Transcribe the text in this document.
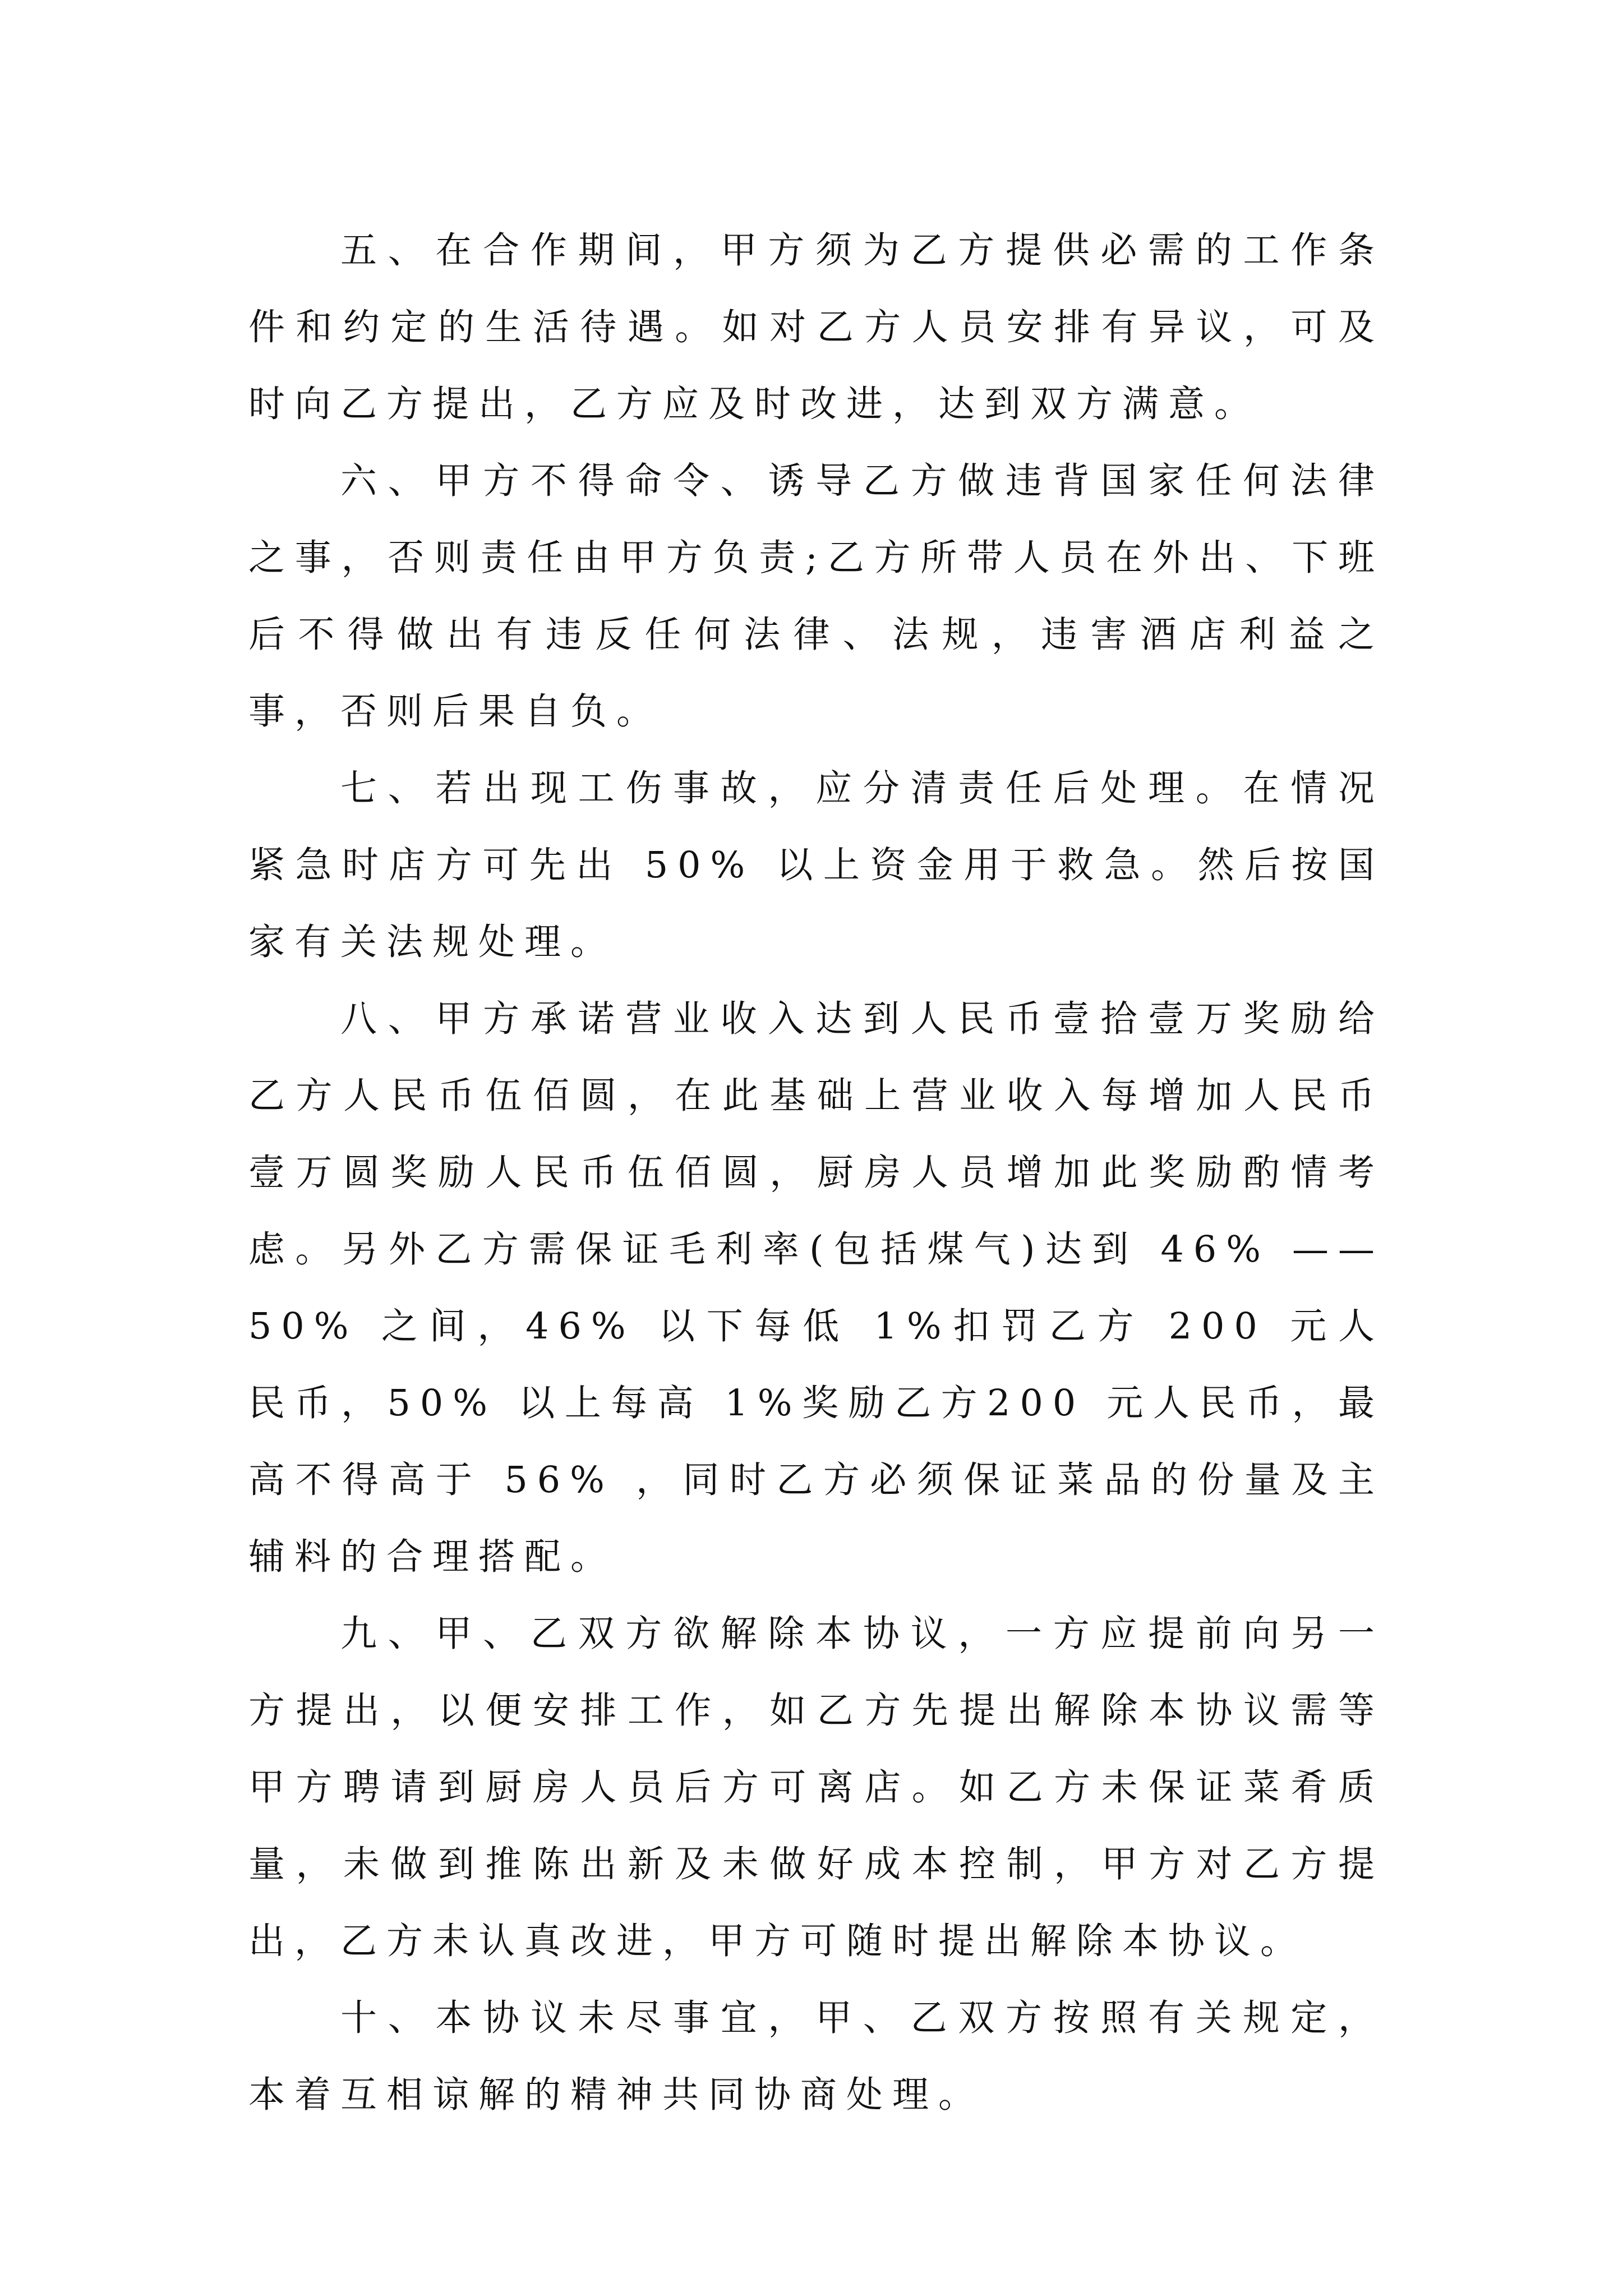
五、在合作期间，甲方须为乙方提供必需的工作条件和约定的生活待遇。如对乙方人员安排有异议，可及时向乙方提出，乙方应及时改进，达到双方满意。

六、甲方不得命令、诱导乙方做违背国家任何法律之事，否则责任由甲方负责;乙方所带人员在外出、下班后不得做出有违反任何法律、法规，违害酒店利益之事，否则后果自负。

七、若出现工伤事故，应分清责任后处理。在情况紧急时店方可先出 50% 以上资金用于救急。然后按国家有关法规处理。

八、甲方承诺营业收入达到人民币壹拾壹万奖励给乙方人民币伍佰圆，在此基础上营业收入每增加人民币壹万圆奖励人民币伍佰圆，厨房人员增加此奖励酌情考虑。另外乙方需保证毛利率(包括煤气)达到 46% ——50% 之间，46% 以下每低 1%扣罚乙方 200 元人民币，50% 以上每高 1%奖励乙方200 元人民币，最高不得高于 56% ，同时乙方必须保证菜品的份量及主辅料的合理搭配。

九、甲、乙双方欲解除本协议，一方应提前向另一方提出，以便安排工作，如乙方先提出解除本协议需等甲方聘请到厨房人员后方可离店。如乙方未保证菜肴质量，未做到推陈出新及未做好成本控制，甲方对乙方提出，乙方未认真改进，甲方可随时提出解除本协议。

十、本协议未尽事宜，甲、乙双方按照有关规定，本着互相谅解的精神共同协商处理。
